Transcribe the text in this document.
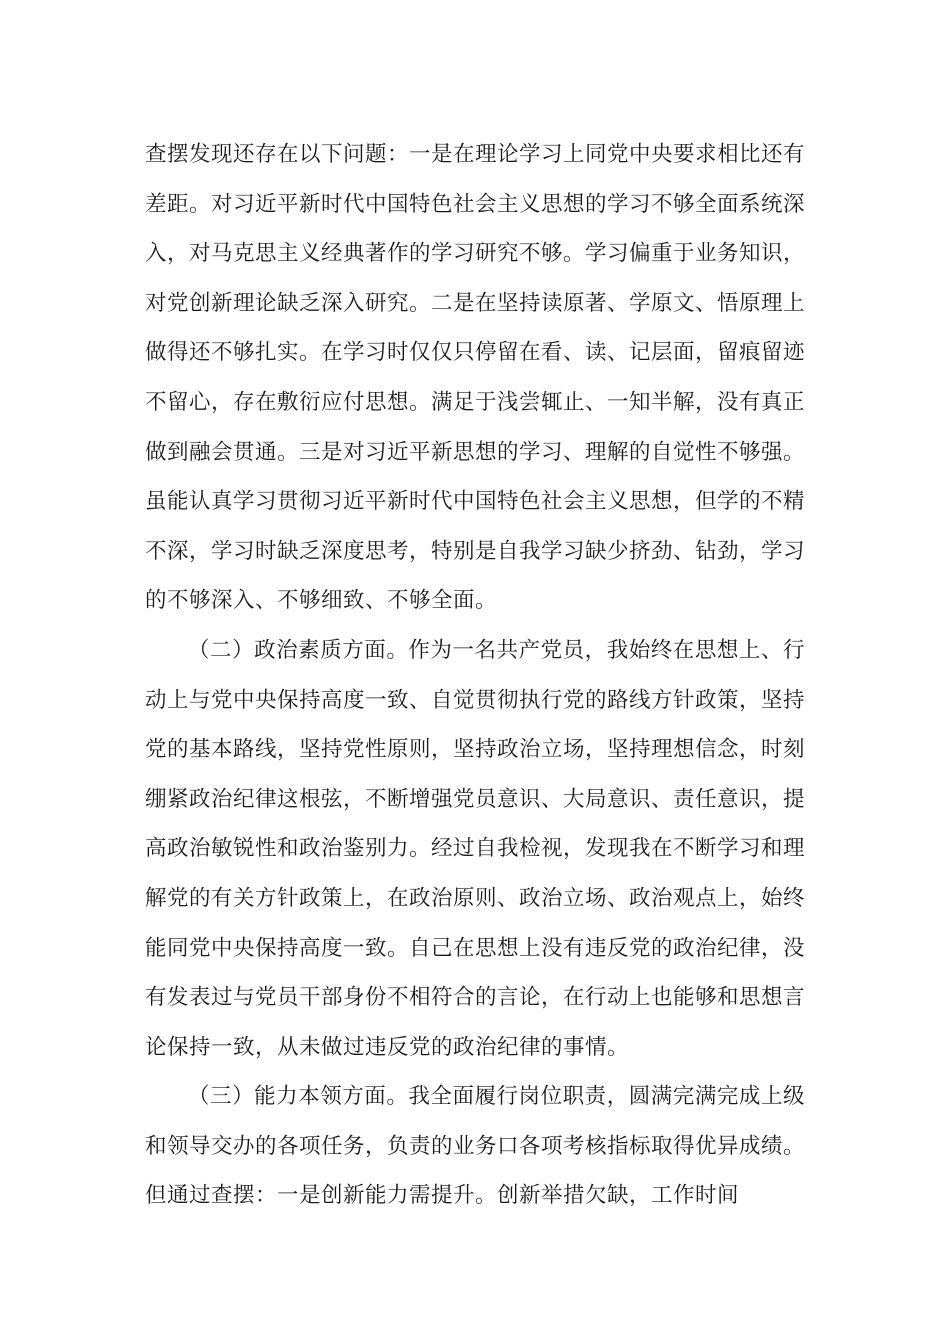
查摆发现还存在以下问题：一是在理论学习上同党中央要求相比还有差距。对习近平新时代中国特色社会主义思想的学习不够全面系统深入，对马克思主义经典著作的学习研究不够。学习偏重于业务知识，对党创新理论缺乏深入研究。二是在坚持读原著、学原文、悟原理上做得还不够扎实。在学习时仅仅只停留在看、读、记层面，留痕留迹不留心，存在敷衍应付思想。满足于浅尝辄止、一知半解，没有真正做到融会贯通。三是对习近平新思想的学习、理解的自觉性不够强。虽能认真学习贯彻习近平新时代中国特色社会主义思想，但学的不精不深，学习时缺乏深度思考，特别是自我学习缺少挤劲、钻劲，学习的不够深入、不够细致、不够全面。

（二）政治素质方面。作为一名共产党员，我始终在思想上、行动上与党中央保持高度一致、自觉贯彻执行党的路线方针政策，坚持党的基本路线，坚持党性原则，坚持政治立场，坚持理想信念，时刻绷紧政治纪律这根弦，不断增强党员意识、大局意识、责任意识，提高政治敏锐性和政治鉴别力。经过自我检视，发现我在不断学习和理解党的有关方针政策上，在政治原则、政治立场、政治观点上，始终能同党中央保持高度一致。自己在思想上没有违反党的政治纪律，没有发表过与党员干部身份不相符合的言论，在行动上也能够和思想言论保持一致，从未做过违反党的政治纪律的事情。

（三）能力本领方面。我全面履行岗位职责，圆满完满完成上级和领导交办的各项任务，负责的业务口各项考核指标取得优异成绩。但通过查摆：一是创新能力需提升。创新举措欠缺，工作时间
